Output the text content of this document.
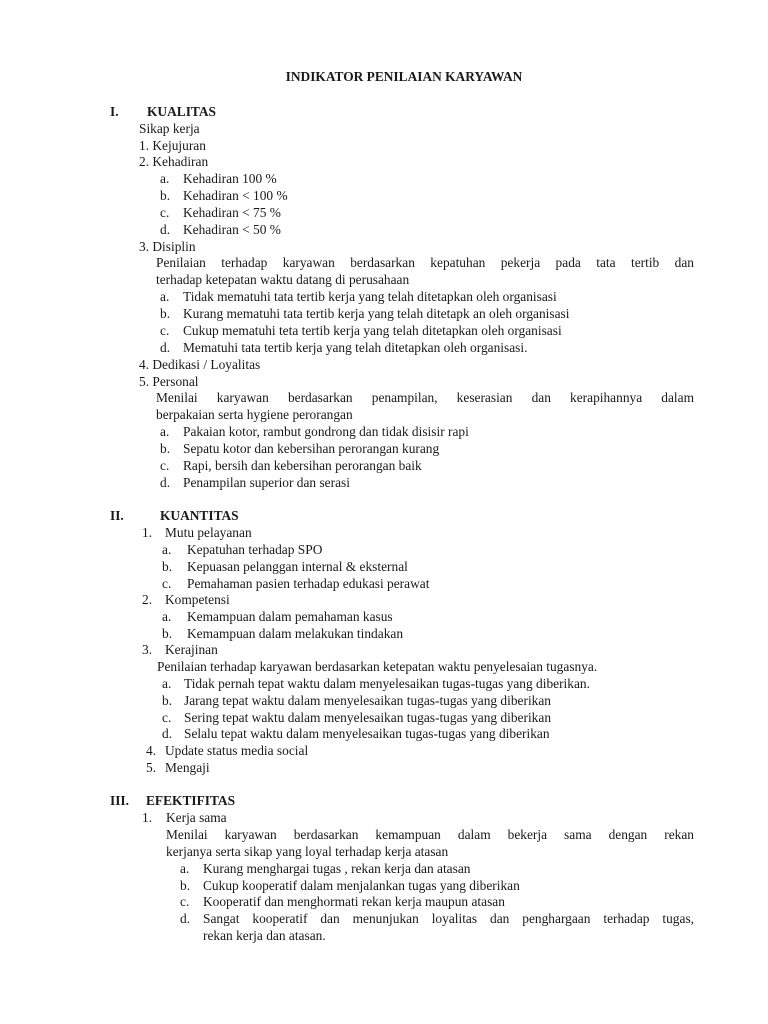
INDIKATOR PENILAIAN KARYAWAN
I. KUALITAS
Sikap kerja
1. Kejujuran
2. Kehadiran
a. Kehadiran 100 %
b. Kehadiran < 100 %
c. Kehadiran < 75 %
d. Kehadiran < 50 %
3. Disiplin
Penilaian terhadap karyawan berdasarkan kepatuhan pekerja pada tata tertib dan
terhadap ketepatan waktu datang di perusahaan
a. Tidak mematuhi tata tertib kerja yang telah ditetapkan oleh organisasi
b. Kurang mematuhi tata tertib kerja yang telah ditetapk an oleh organisasi
c. Cukup mematuhi teta tertib kerja yang telah ditetapkan oleh organisasi
d. Mematuhi tata tertib kerja yang telah ditetapkan oleh organisasi.
4. Dedikasi / Loyalitas
5. Personal
Menilai karyawan berdasarkan penampilan, keserasian dan kerapihannya dalam
berpakaian serta hygiene perorangan
a. Pakaian kotor, rambut gondrong dan tidak disisir rapi
b. Sepatu kotor dan kebersihan perorangan kurang
c. Rapi, bersih dan kebersihan perorangan baik
d. Penampilan superior dan serasi
II.	KUANTITAS
1. Mutu pelayanan
a. Kepatuhan terhadap SPO
b. Kepuasan pelanggan internal & eksternal
c. Pemahaman pasien terhadap edukasi perawat
2. Kompetensi
a. Kemampuan dalam pemahaman kasus
b. Kemampuan dalam melakukan tindakan
3. Kerajinan
Penilaian terhadap karyawan berdasarkan ketepatan waktu penyelesaian tugasnya.
a. Tidak pernah tepat waktu dalam menyelesaikan tugas-tugas yang diberikan.
b. Jarang tepat waktu dalam menyelesaikan tugas-tugas yang diberikan
c. Sering tepat waktu dalam menyelesaikan tugas-tugas yang diberikan
d. Selalu tepat waktu dalam menyelesaikan tugas-tugas yang diberikan
4. Update status media social
5. Mengaji
III. EFEKTIFITAS
1. Kerja sama
Menilai karyawan berdasarkan kemampuan dalam bekerja sama dengan rekan
kerjanya serta sikap yang loyal terhadap kerja atasan
a. Kurang menghargai tugas , rekan kerja dan atasan
b. Cukup kooperatif dalam menjalankan tugas yang diberikan
c. Kooperatif dan menghormati rekan kerja maupun atasan
d. Sangat kooperatif dan menunjukan loyalitas dan penghargaan terhadap tugas,
rekan kerja dan atasan.
